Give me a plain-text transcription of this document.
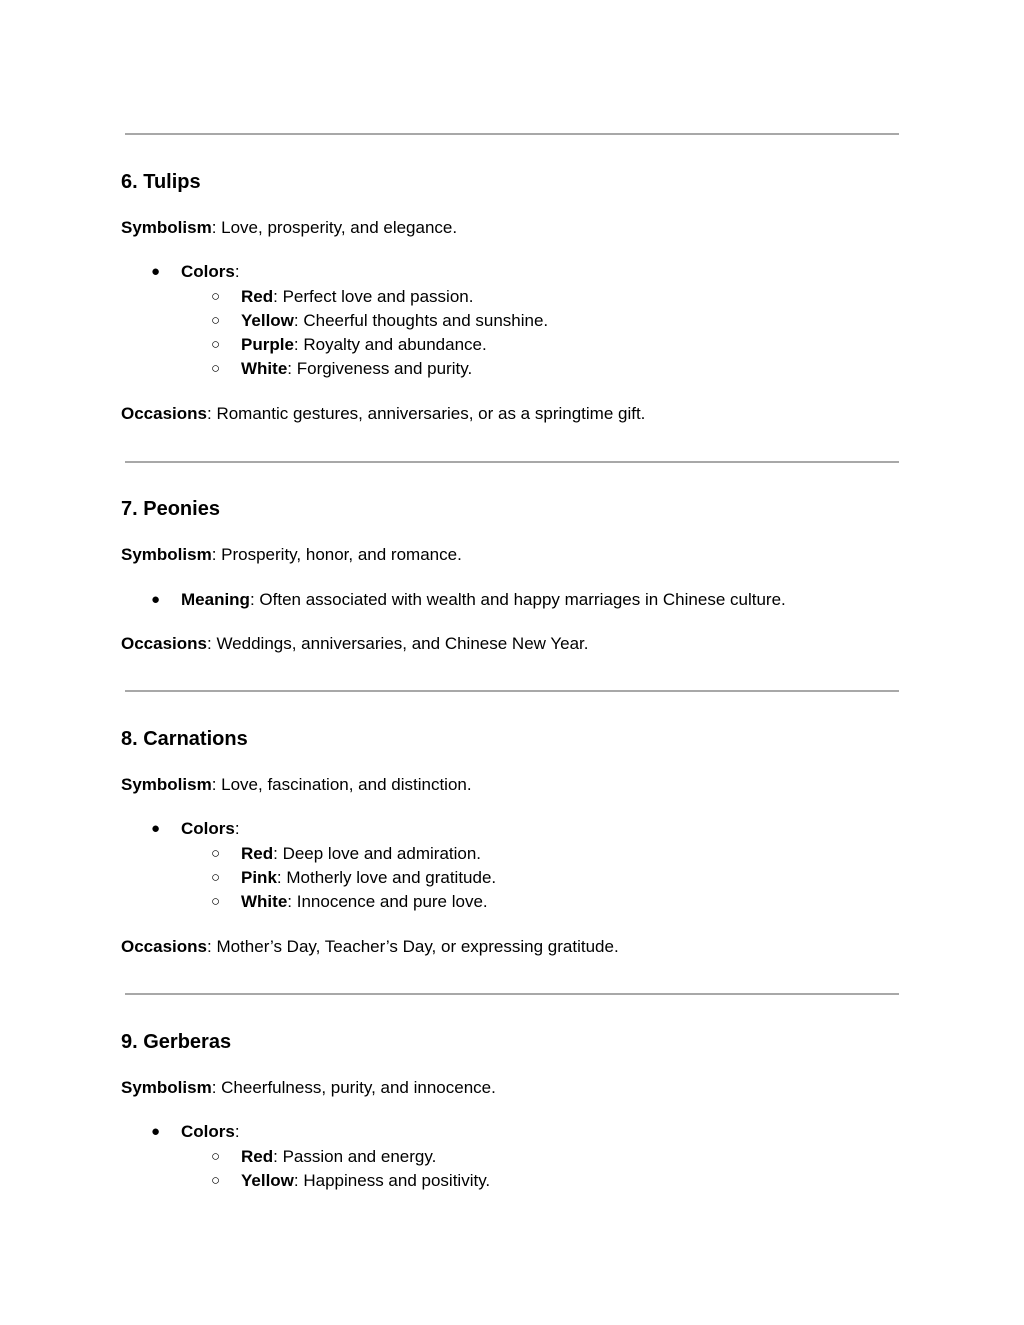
6. Tulips

Symbolism: Love, prosperity, and elegance.

● Colors:
○ Red: Perfect love and passion.
○ Yellow: Cheerful thoughts and sunshine.
○ Purple: Royalty and abundance.
○ White: Forgiveness and purity.

Occasions: Romantic gestures, anniversaries, or as a springtime gift.

7. Peonies

Symbolism: Prosperity, honor, and romance.

● Meaning: Often associated with wealth and happy marriages in Chinese culture.

Occasions: Weddings, anniversaries, and Chinese New Year.

8. Carnations

Symbolism: Love, fascination, and distinction.

● Colors:
○ Red: Deep love and admiration.
○ Pink: Motherly love and gratitude.
○ White: Innocence and pure love.

Occasions: Mother’s Day, Teacher’s Day, or expressing gratitude.

9. Gerberas

Symbolism: Cheerfulness, purity, and innocence.

● Colors:
○ Red: Passion and energy.
○ Yellow: Happiness and positivity.
